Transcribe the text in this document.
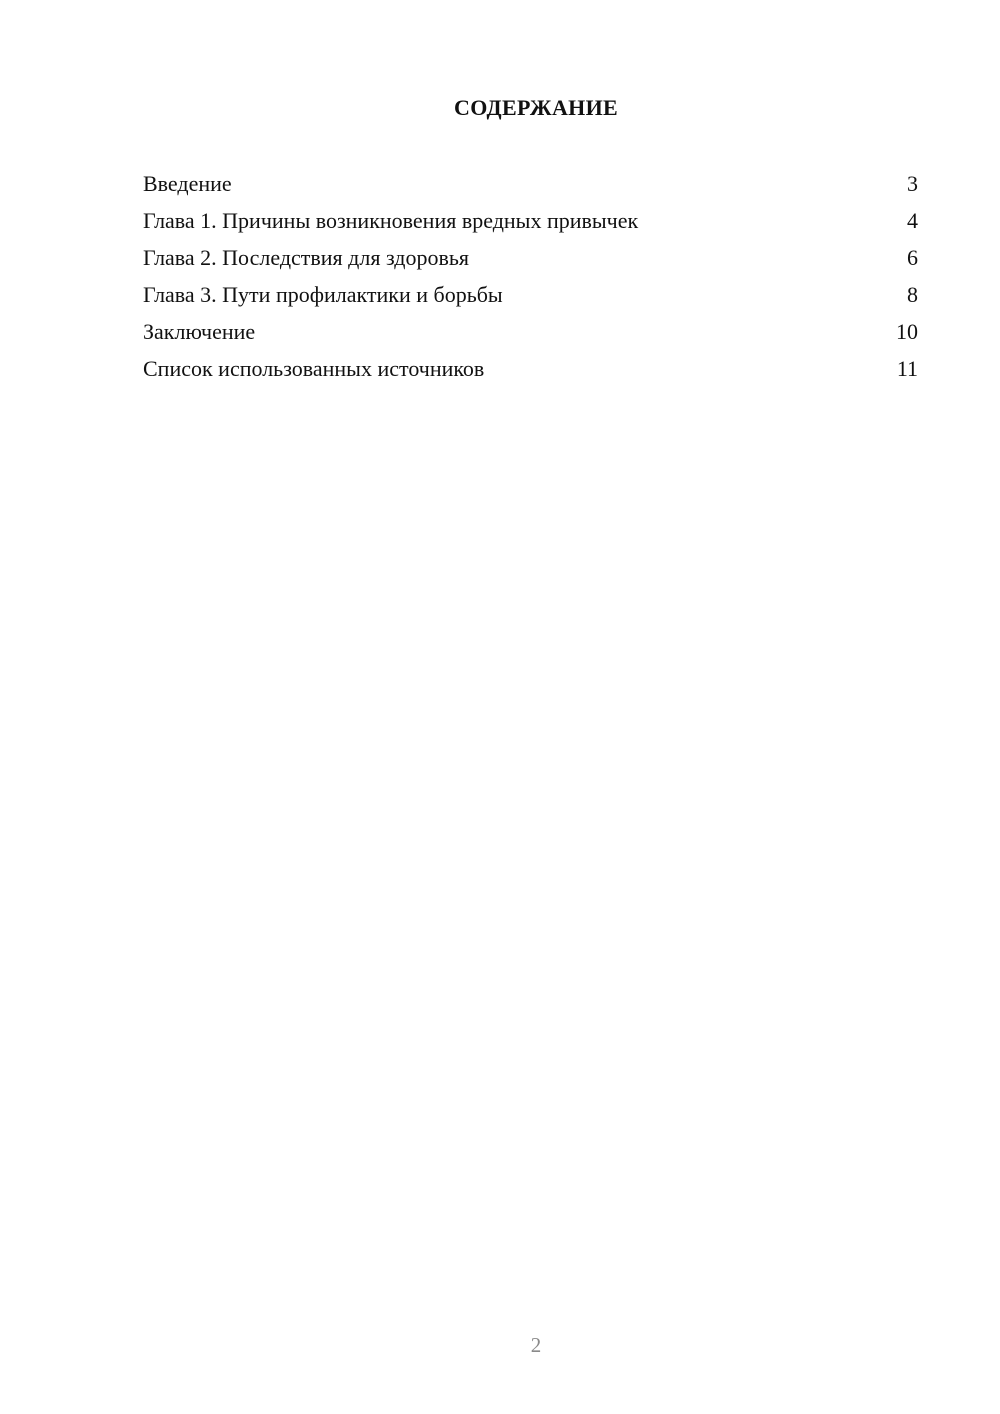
СОДЕРЖАНИЕ
Введение	3
Глава 1. Причины возникновения вредных привычек	4
Глава 2. Последствия для здоровья	6
Глава 3. Пути профилактики и борьбы	8
Заключение	10
Список использованных источников	11
2
